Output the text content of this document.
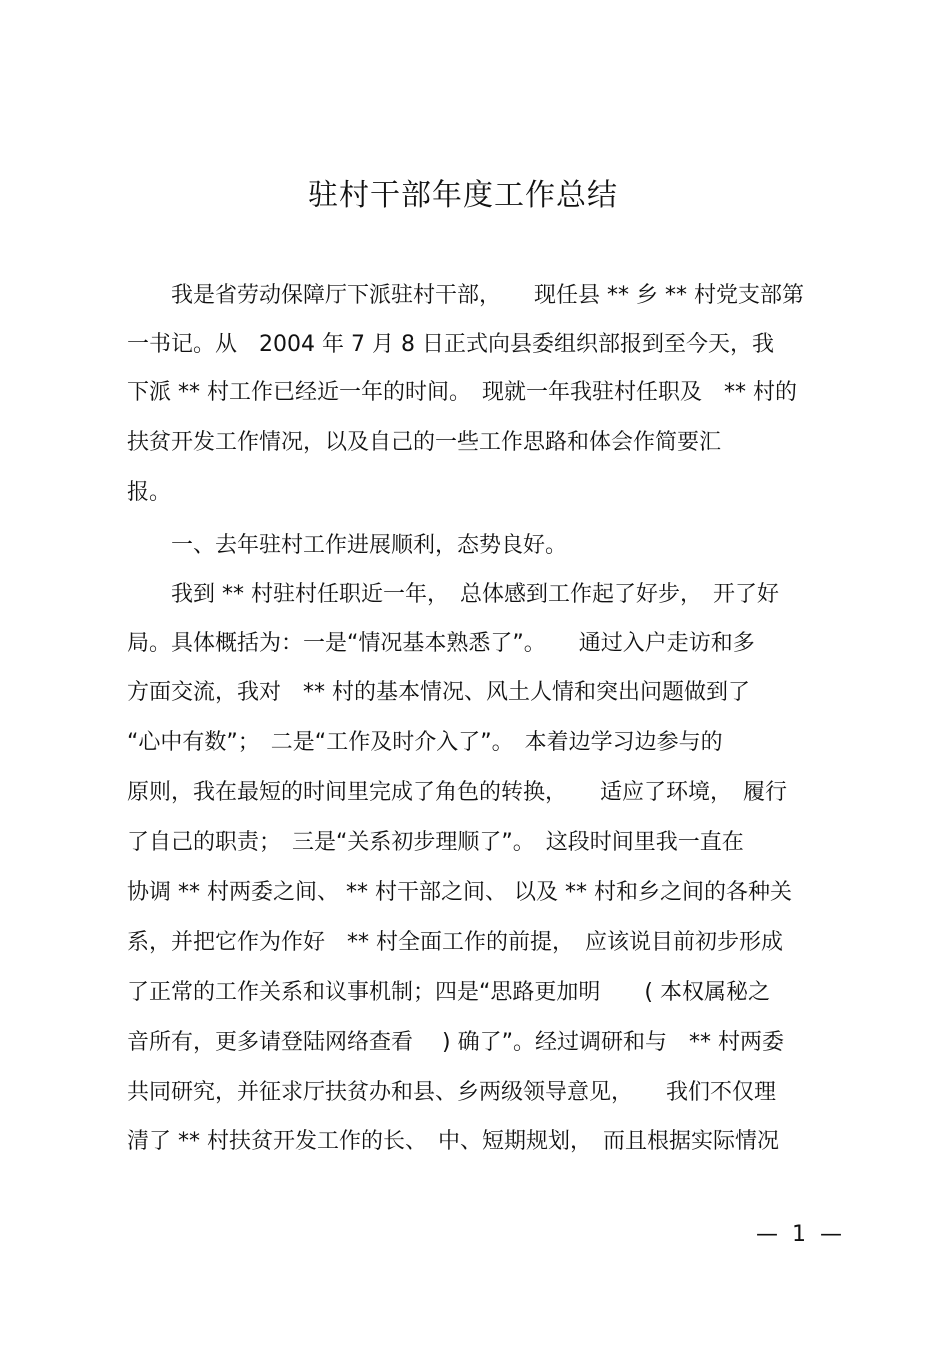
驻村干部年度工作总结

　　我是省劳动保障厅下派驻村干部，　　现任县 ** 乡 ** 村党支部第

一书记。从　2004 年 7 月 8 日正式向县委组织部报到至今天，我

下派 ** 村工作已经近一年的时间。　现就一年我驻村任职及　** 村的

扶贫开发工作情况，以及自己的一些工作思路和体会作简要汇

报。

　　一、去年驻村工作进展顺利，态势良好。

　　我到 ** 村驻村任职近一年，　总体感到工作起了好步，　开了好

局。具体概括为：一是“情况基本熟悉了”。　　通过入户走访和多

方面交流，我对　** 村的基本情况、风土人情和突出问题做到了

“心中有数”；　二是“工作及时介入了”。　本着边学习边参与的

原则，我在最短的时间里完成了角色的转换，　　适应了环境，　履行

了自己的职责；　三是“关系初步理顺了”。　这段时间里我一直在

协调 ** 村两委之间、 ** 村干部之间、 以及 ** 村和乡之间的各种关

系，并把它作为作好　** 村全面工作的前提，　应该说目前初步形成

了正常的工作关系和议事机制；四是“思路更加明　　( 本权属秘之

音所有，更多请登陆网络查看　 ) 确了”。经过调研和与　** 村两委

共同研究，并征求厅扶贫办和县、乡两级领导意见，　　我们不仅理

清了 ** 村扶贫开发工作的长、　中、短期规划，　而且根据实际情况

—  1  —
